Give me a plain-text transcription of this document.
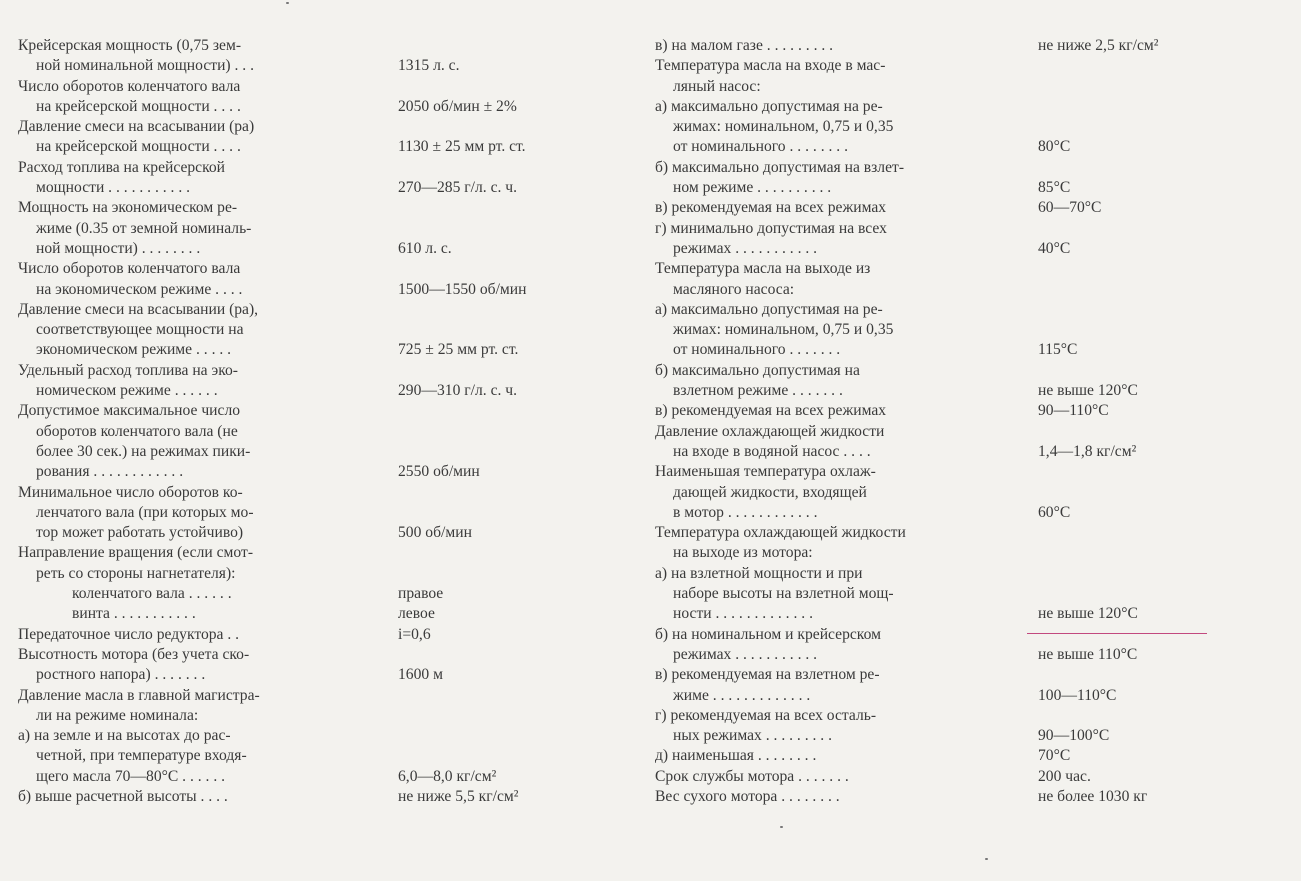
Крейсерская мощность (0,75 зем-
ной номинальной мощности) . . .	1315 л. с.
Число оборотов коленчатого вала
на крейсерской мощности . . . .	2050 об/мин ± 2%
Давление смеси на всасывании (pa)
на крейсерской мощности . . . .	1130 ± 25 мм рт. ст.
Расход топлива на крейсерской
мощности . . . . . . . . . . .	270—285 г/л. с. ч.
Мощность на экономическом ре-
жиме (0.35 от земной номиналь-
ной мощности) . . . . . . . .	610 л. с.
Число оборотов коленчатого вала
на экономическом режиме . . . .	1500—1550 об/мин
Давление смеси на всасывании (pa),
соответствующее мощности на
экономическом режиме . . . . .	725 ± 25 мм рт. ст.
Удельный расход топлива на эко-
номическом режиме . . . . . .	290—310 г/л. с. ч.
Допустимое максимальное число
оборотов коленчатого вала (не
более 30 сек.) на режимах пики-
рования . . . . . . . . . . . .	2550 об/мин
Минимальное число оборотов ко-
ленчатого вала (при которых мо-
тор может работать устойчиво)	500 об/мин
Направление вращения (если смот-
реть со стороны нагнетателя):
коленчатого вала . . . . . .	правое
винта . . . . . . . . . . .	левое
Передаточное число редуктора . .	i=0,6
Высотность мотора (без учета ско-
ростного напора) . . . . . . .	1600 м
Давление масла в главной магистра-
ли на режиме номинала:
а) на земле и на высотах до рас-
четной, при температуре входя-
щего масла 70—80°С . . . . . .	6,0—8,0 кг/см²
б) выше расчетной высоты . . . .	не ниже 5,5 кг/см²
в) на малом газе . . . . . . . . .	не ниже 2,5 кг/см²
Температура масла на входе в мас-
ляный насос:
а) максимально допустимая на ре-
жимах: номинальном, 0,75 и 0,35
от номинального . . . . . . . .	80°С
б) максимально допустимая на взлет-
ном режиме . . . . . . . . . .	85°С
в) рекомендуемая на всех режимах	60—70°С
г) минимально допустимая на всех
режимах . . . . . . . . . . .	40°С
Температура масла на выходе из
масляного насоса:
а) максимально допустимая на ре-
жимах: номинальном, 0,75 и 0,35
от номинального . . . . . . .	115°С
б) максимально допустимая на
взлетном режиме . . . . . . .	не выше 120°С
в) рекомендуемая на всех режимах	90—110°С
Давление охлаждающей жидкости
на входе в водяной насос . . . .	1,4—1,8 кг/см²
Наименьшая температура охлаж-
дающей жидкости, входящей
в мотор . . . . . . . . . . . .	60°С
Температура охлаждающей жидкости
на выходе из мотора:
а) на взлетной мощности и при
наборе высоты на взлетной мощ-
ности . . . . . . . . . . . . .	не выше 120°С
б) на номинальном и крейсерском
режимах . . . . . . . . . . .	не выше 110°С
в) рекомендуемая на взлетном ре-
жиме . . . . . . . . . . . . .	100—110°С
г) рекомендуемая на всех осталь-
ных режимах . . . . . . . . .	90—100°С
д) наименьшая . . . . . . . .	70°С
Срок службы мотора . . . . . . .	200 час.
Вес сухого мотора . . . . . . . .	не более 1030 кг
